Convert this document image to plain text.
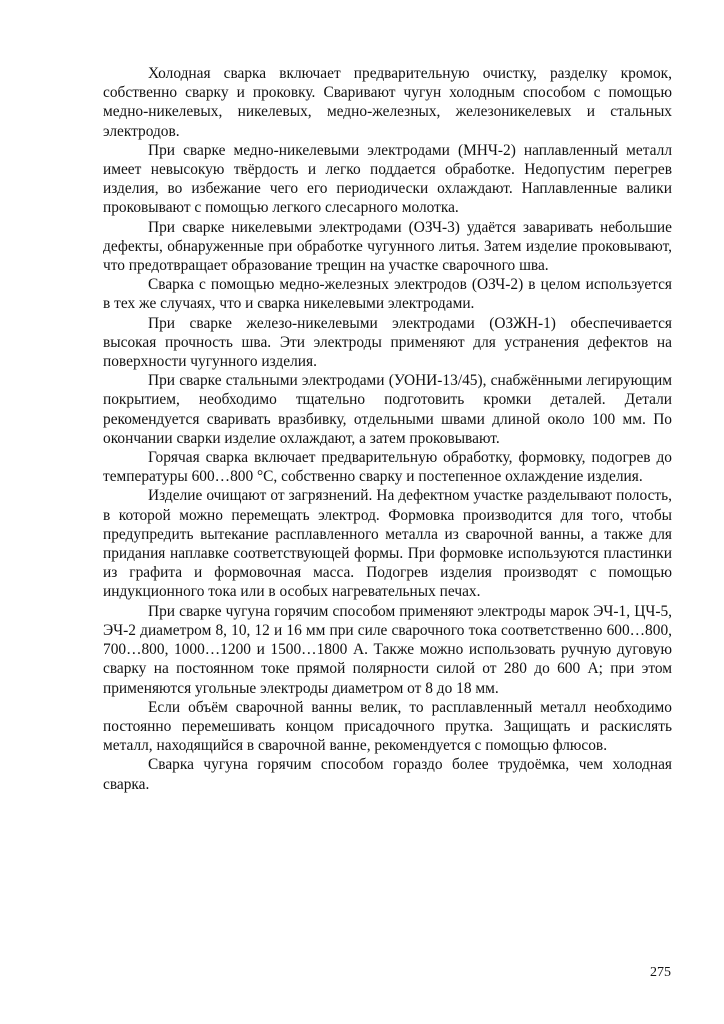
Холодная сварка включает предварительную очистку, разделку кромок, собственно сварку и проковку. Сваривают чугун холодным способом с помощью медно-никелевых, никелевых, медно-железных, железоникелевых и стальных электродов.

При сварке медно-никелевыми электродами (МНЧ-2) наплавленный металл имеет невысокую твёрдость и легко поддается обработке. Недопустим перегрев изделия, во избежание чего его периодически охлаждают. Наплавленные валики проковывают с помощью легкого слесарного молотка.

При сварке никелевыми электродами (ОЗЧ-3) удаётся заваривать небольшие дефекты, обнаруженные при обработке чугунного литья. Затем изделие проковывают, что предотвращает образование трещин на участке сварочного шва.

Сварка с помощью медно-железных электродов (ОЗЧ-2) в целом используется в тех же случаях, что и сварка никелевыми электродами.

При сварке железо-никелевыми электродами (ОЗЖН-1) обеспечивается высокая прочность шва. Эти электроды применяют для устранения дефектов на поверхности чугунного изделия.

При сварке стальными электродами (УОНИ-13/45), снабжёнными легирующим покрытием, необходимо тщательно подготовить кромки деталей. Детали рекомендуется сваривать вразбивку, отдельными швами длиной около 100 мм. По окончании сварки изделие охлаждают, а затем проковывают.

Горячая сварка включает предварительную обработку, формовку, подогрев до температуры 600…800 °С, собственно сварку и постепенное охлаждение изделия.

Изделие очищают от загрязнений. На дефектном участке разделывают полость, в которой можно перемещать электрод. Формовка производится для того, чтобы предупредить вытекание расплавленного металла из сварочной ванны, а также для придания наплавке соответствующей формы. При формовке используются пластинки из графита и формовочная масса. Подогрев изделия производят с помощью индукционного тока или в особых нагревательных печах.

При сварке чугуна горячим способом применяют электроды марок ЭЧ-1, ЦЧ-5, ЭЧ-2 диаметром 8, 10, 12 и 16 мм при силе сварочного тока соответственно 600…800, 700…800, 1000…1200 и 1500…1800 А. Также можно использовать ручную дуговую сварку на постоянном токе прямой полярности силой от 280 до 600 А; при этом применяются угольные электроды диаметром от 8 до 18 мм.

Если объём сварочной ванны велик, то расплавленный металл необходимо постоянно перемешивать концом присадочного прутка. Защищать и раскислять металл, находящийся в сварочной ванне, рекомендуется с помощью флюсов.

Сварка чугуна горячим способом гораздо более трудоёмка, чем холодная сварка.

275
